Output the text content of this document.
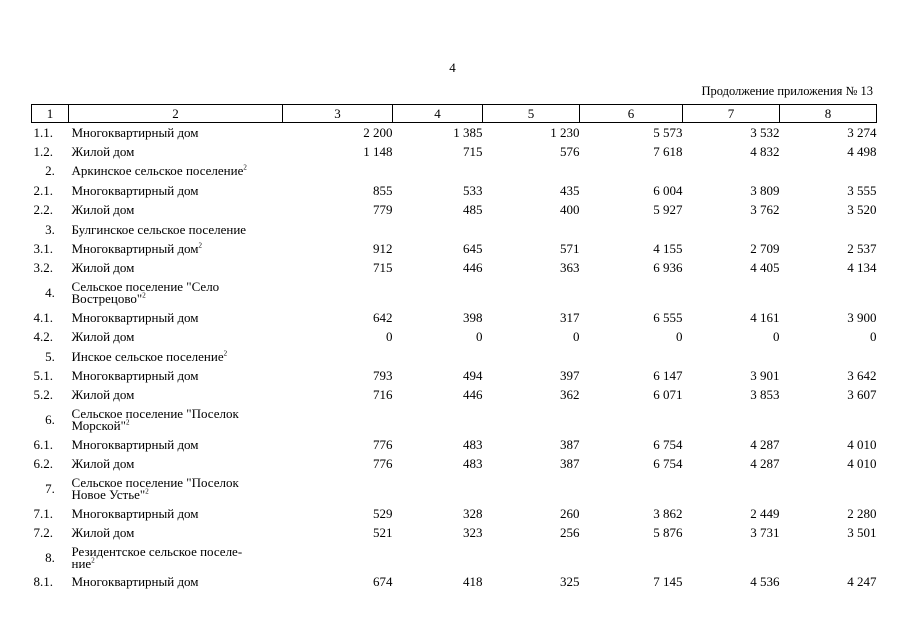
4
Продолжение приложения № 13
1	2	3	4	5	6	7	8
1.1.	Многоквартирный дом	2 200	1 385	1 230	5 573	3 532	3 274
1.2.	Жилой дом	1 148	715	576	7 618	4 832	4 498
2.	Аркинское сельское поселение$^2$						
2.1.	Многоквартирный дом	855	533	435	6 004	3 809	3 555
2.2.	Жилой дом	779	485	400	5 927	3 762	3 520
3.	Булгинское сельское поселение						
3.1.	Многоквартирный дом$^2$	912	645	571	4 155	2 709	2 537
3.2.	Жилой дом	715	446	363	6 936	4 405	4 134
4.	Сельское поселение "Село
Вострецово"$^2$						
4.1.	Многоквартирный дом	642	398	317	6 555	4 161	3 900
4.2.	Жилой дом	0	0	0	0	0	0
5.	Инское сельское поселение$^2$						
5.1.	Многоквартирный дом	793	494	397	6 147	3 901	3 642
5.2.	Жилой дом	716	446	362	6 071	3 853	3 607
6.	Сельское поселение "Поселок
Морской"$^2$						
6.1.	Многоквартирный дом	776	483	387	6 754	4 287	4 010
6.2.	Жилой дом	776	483	387	6 754	4 287	4 010
7.	Сельское поселение "Поселок
Новое Устье"$^2$						
7.1.	Многоквартирный дом	529	328	260	3 862	2 449	2 280
7.2.	Жилой дом	521	323	256	5 876	3 731	3 501
8.	Резидентское сельское поселе-
ние$^2$						
8.1.	Многоквартирный дом	674	418	325	7 145	4 536	4 247
